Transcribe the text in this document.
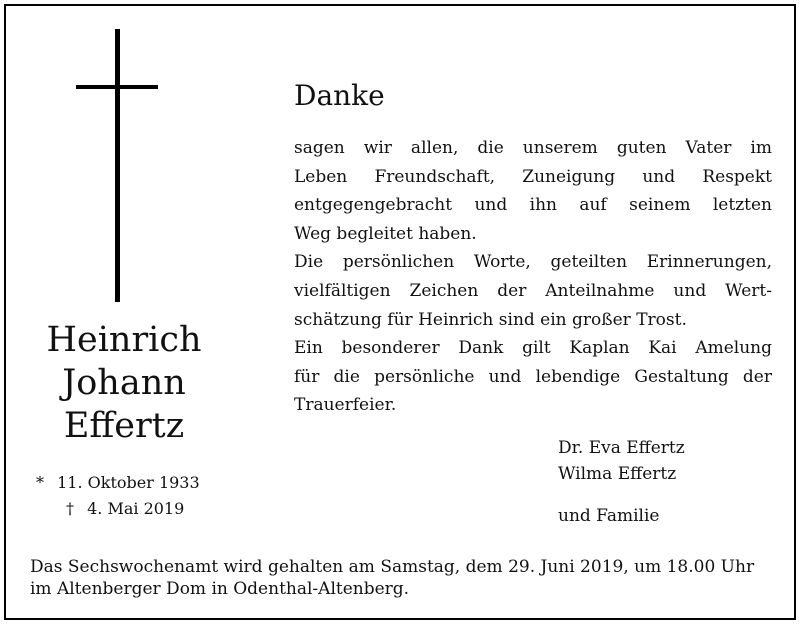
Heinrich
Johann
Effertz
* 11. Oktober 1933
† 4. Mai 2019
Danke
sagen wir allen, die unserem guten Vater im
Leben Freundschaft, Zuneigung und Respekt
entgegengebracht und ihn auf seinem letzten
Weg begleitet haben.
Die persönlichen Worte, geteilten Erinnerungen,
vielfältigen Zeichen der Anteilnahme und Wert-
schätzung für Heinrich sind ein großer Trost.
Ein besonderer Dank gilt Kaplan Kai Amelung
für die persönliche und lebendige Gestaltung der
Trauerfeier.
Dr. Eva Effertz
Wilma Effertz
und Familie
Das Sechswochenamt wird gehalten am Samstag, dem 29. Juni 2019, um 18.00 Uhr
im Altenberger Dom in Odenthal-Altenberg.
